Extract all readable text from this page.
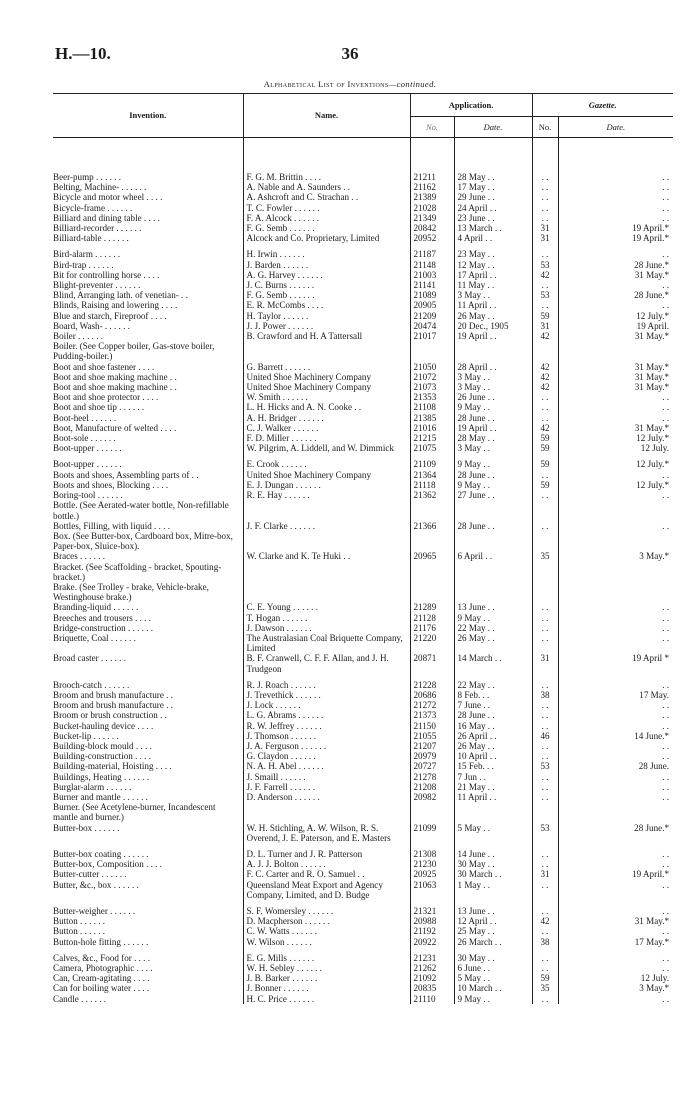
H.—10.	36
Alphabetical List of Inventions—continued.
Invention.	Name.	Application.		Gazette.	
		No.	Date.	No.	Date.
Beer-pump . . . . . .	F. G. M. Brittin . . . .	21211	28 May . .	. .	. .
Belting, Machine- . . . . . .	A. Nable and A. Saunders . .	21162	17 May . .	. .	. .
Bicycle and motor wheel . . . .	A. Ashcroft and C. Strachan . .	21389	29 June . .	. .	. .
Bicycle-frame . . . . . .	T. C. Fowler . . . . . .	21028	24 April . .	. .	. .
Billiard and dining table . . . .	F. A. Alcock . . . . . .	21349	23 June . .	. .	. .
Billiard-recorder . . . . . .	F. G. Semb . . . . . .	20842	13 March . .	31	19 April.*
Billiard-table . . . . . .	Alcock and Co. Proprietary, Limited	20952	4 April . .	31	19 April.*
Bird-alarm . . . . . .	H. Irwin . . . . . .	21187	23 May . .	. .	. .
Bird-trap . . . . . .	J. Barden . . . . . .	21148	12 May . .	53	28 June.*
Bit for controlling horse . . . .	A. G. Harvey . . . . . .	21003	17 April . .	42	31 May.*
Blight-preventer . . . . . .	J. C. Burns . . . . . .	21141	11 May . .	. .	. .
Blind, Arranging lath. of venetian- . .	F. G. Semb . . . . . .	21089	3 May . .	53	28 June.*
Blinds, Raising and lowering . . . .	E. R. McCombs . . . .	20905	11 April . .	. .	. .
Blue and starch, Fireproof . . . .	H. Taylor . . . . . .	21209	26 May . .	59	12 July.*
Board, Wash- . . . . . .	J. J. Power . . . . . .	20474	20 Dec., 1905	31	19 April.
Boiler . . . . . .	B. Crawford and H. A Tattersall	21017	19 April . .	42	31 May.*
Boiler. (See Copper boiler, Gas-stove boiler, Pudding-boiler.)					
Boot and shoe fastener . . . .	G. Barrett . . . . . .	21050	28 April . .	42	31 May.*
Boot and shoe making machine . .	United Shoe Machinery Company	21072	3 May . .	42	31 May.*
Boot and shoe making machine . .	United Shoe Machinery Company	21073	3 May . .	42	31 May.*
Boot and shoe protector . . . .	W. Smith . . . . . .	21353	26 June . .	. .	. .
Boot and shoe tip . . . . . .	L. H. Hicks and A. N. Cooke . .	21108	9 May . .	. .	. .
Boot-heel . . . . . .	A. H. Bridger . . . . . .	21385	28 June . .	. .	. .
Boot, Manufacture of welted . . . .	C. J. Walker . . . . . .	21016	19 April . .	42	31 May.*
Boot-sole . . . . . .	F. D. Miller . . . . . .	21215	28 May . .	59	12 July.*
Boot-upper . . . . . .	W. Pilgrim, A. Liddell, and W. Dimmick	21075	3 May . .	59	12 July.
Boot-upper . . . . . .	E. Crook . . . . . .	21109	9 May . .	59	12 July.*
Boots and shoes, Assembling parts of . .	United Shoe Machinery Company	21364	28 June . .	. .	. .
Boots and shoes, Blocking . . . .	E. J. Dungan . . . . . .	21118	9 May . .	59	12 July.*
Boring-tool . . . . . .	R. E. Hay . . . . . .	21362	27 June . .	. .	. .
Bottle. (See Aerated-water bottle, Non-refillable bottle.)					
Bottles, Filling, with liquid . . . .	J. F. Clarke . . . . . .	21366	28 June . .	. .	. .
Box. (See Butter-box, Cardboard box, Mitre-box, Paper-box, Sluice-box).					
Braces . . . . . .	W. Clarke and K. Te Huki . .	20965	6 April . .	35	3 May.*
Bracket. (See Scaffolding - bracket, Spouting-bracket.)					
Brake. (See Trolley - brake, Vehicle-brake, Westinghouse brake.)					
Branding-liquid . . . . . .	C. E. Young . . . . . .	21289	13 June . .	. .	. .
Breeches and trousers . . . .	T. Hogan . . . . . .	21128	9 May . .	. .	. .
Bridge-construction . . . . . .	J. Dawson . . . . . .	21176	22 May . .	. .	. .
Briquette, Coal . . . . . .	The Australasian Coal Briquette Company, Limited	21220	26 May . .	. .	. .
Broad caster . . . . . .	B. F. Cranwell, C. F. F. Allan, and J. H. Trudgeon	20871	14 March . .	31	19 April *
Brooch-catch . . . . . .	R. J. Roach . . . . . .	21228	22 May . .	. .	. .
Broom and brush manufacture . .	J. Trevethick . . . . . .	20686	8 Feb. . .	38	17 May.
Broom and brush manufacture . .	J. Lock . . . . . .	21272	7 June . .	. .	. .
Broom or brush construction . .	L. G. Abrams . . . . . .	21373	28 June . .	. .	. .
Bucket-hauling device . . . .	R. W. Jeffrey . . . . . .	21150	16 May . .	. .	. .
Bucket-lip . . . . . .	J. Thomson . . . . . .	21055	26 April . .	46	14 June.*
Building-block mould . . . .	J. A. Ferguson . . . . . .	21207	26 May . .	. .	. .
Building-construction . . . .	G. Claydon . . . . . .	20979	10 April . .	. .	. .
Building-material, Hoisting . . . .	N. A. H. Abel . . . . . .	20727	15 Feb. . .	53	28 June.
Buildings, Heating . . . . . .	J. Smaill . . . . . .	21278	7 Jun . .	. .	. .
Burglar-alarm . . . . . .	J. F. Farrell . . . . . .	21208	21 May . .	. .	. .
Burner and mantle . . . . . .	D. Anderson . . . . . .	20982	11 April . .	. .	. .
Burner. (See Acetylene-burner, Incandescent mantle and burner.)					
Butter-box . . . . . .	W. H. Stichling, A. W. Wilson, R. S. Overend, J. E. Paterson, and E. Masters	21099	5 May . .	53	28 June.*
Butter-box coating . . . . . .	D. L. Turner and J. R. Patterson	21308	14 June . .	. .	. .
Butter-box, Composition . . . .	A. J. J. Bolton . . . . . .	21230	30 May . .	. .	. .
Butter-cutter . . . . . .	F. C. Carter and R. O. Samuel . .	20925	30 March . .	31	19 April.*
Butter, &c., box . . . . . .	Queensland Meat Export and Agency Company, Limited, and D. Budge	21063	1 May . .	. .	. .
Butter-weigher . . . . . .	S. F. Womersley . . . . . .	21321	13 June . .	. .	. .
Button . . . . . .	D. Macpherson . . . . . .	20988	12 April . .	42	31 May.*
Button . . . . . .	C. W. Watts . . . . . .	21192	25 May . .	. .	. .
Button-hole fitting . . . . . .	W. Wilson . . . . . .	20922	26 March . .	38	17 May.*
Calves, &c., Food for . . . .	E. G. Mills . . . . . .	21231	30 May . .	. .	. .
Camera, Photographic . . . .	W. H. Sebley . . . . . .	21262	6 June . .	. .	. .
Can, Cream-agitating . . . .	J. B. Barker . . . . . .	21092	5 May . .	59	12 July.
Can for boiling water . . . .	J. Bonner . . . . . .	20835	10 March . .	35	3 May.*
Candle . . . . . .	H. C. Price . . . . . .	21110	9 May . .	. .	. .
